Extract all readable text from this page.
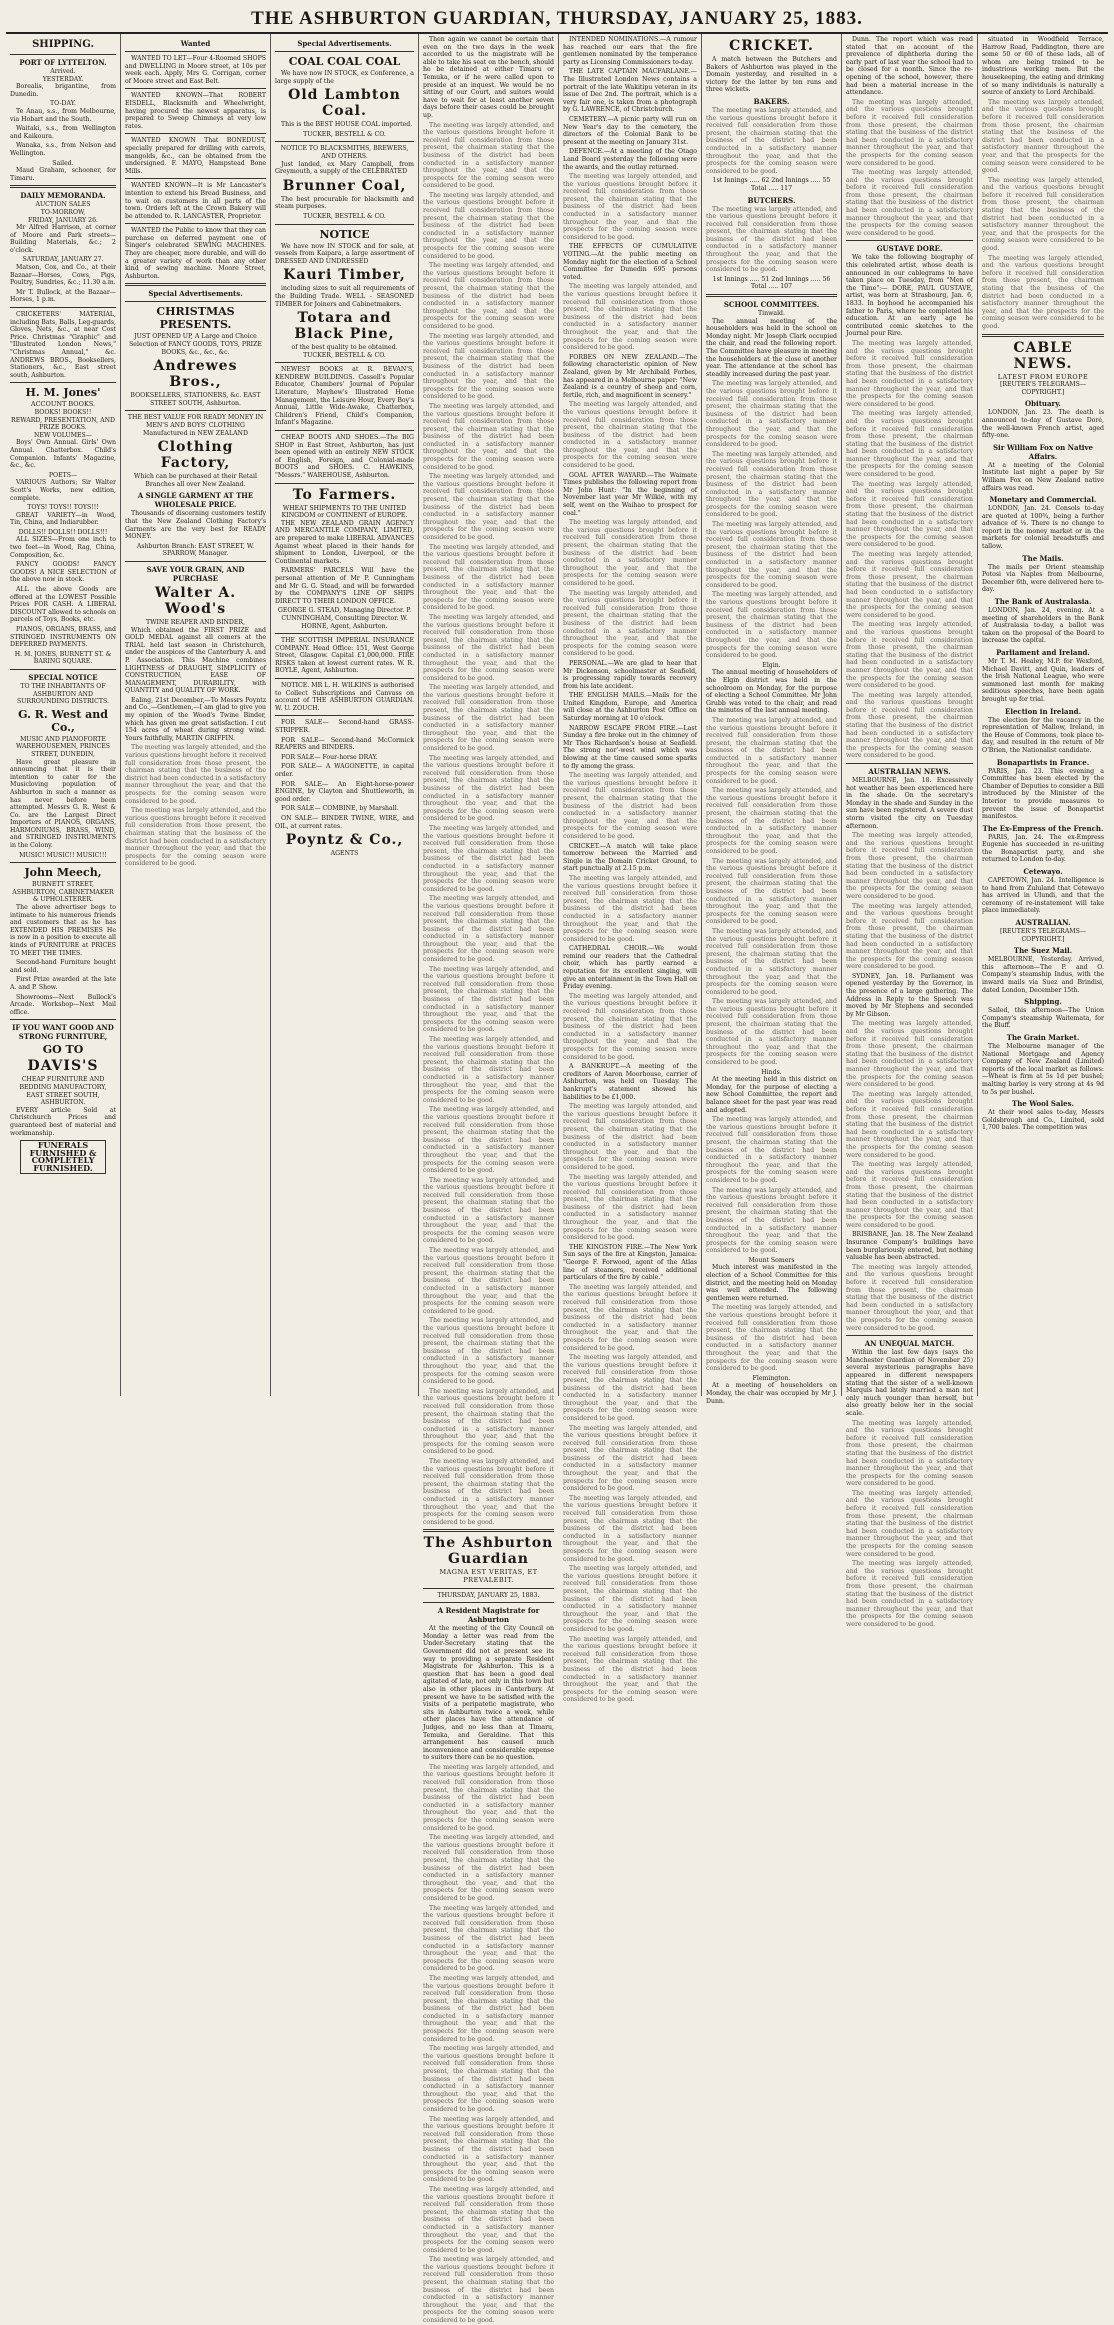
THE ASHBURTON GUARDIAN, THURSDAY, JANUARY 25, 1883.
SHIPPING.
PORT OF LYTTELTON.
Arrived.
YESTERDAY.
Borealis, brigantine, from Dunedin.
TO-DAY.
Te Anau, s.s., from Melbourne, via Hobart and the South.
Waitaki, s.s., from Wellington and Kaikoura.
Wanaka, s.s., from Nelson and Wellington.
Sailed.
Maud Graham, schooner, for Timaru.
DAILY MEMORANDA.
AUCTION SALES
TO-MORROW,
FRIDAY, JANUARY 26.
Mr Alfred Harrison, at corner of Moore and Park streets—Building Materials, &c.; 2 o'clock.
SATURDAY, JANUARY 27.
Matson, Cox, and Co., at their Bazaar—Horses, Cows, Pigs, Poultry, Sundries, &c.; 11.30 a.m.
Mr T. Bullock, at the Bazaar—Horses, 1 p.m.
CRICKETERS' MATERIAL, including Bats, Balls, Leg-guards, Gloves, Nets, &c., at near Cost Price. Christmas "Graphic" and "Illustrated London News," "Christmas Annual," &c. ANDREWS BROS., Booksellers, Stationers, &c., East street south, Ashburton.
H. M. Jones'
ACCOUNT BOOKS.
BOOKS! BOOKS!!
REWARD, PRESENTATION, AND PRIZE BOOKS.
NEW VOLUMES—
Boys' Own Annual. Girls' Own Annual. Chatterbox. Child's Companion. Infants' Magazine, &c., &c.
POETS—
VARIOUS Authors; Sir Walter Scott's Works, new edition, complete.
TOYS! TOYS!! TOYS!!!
GREAT VARIETY—in Wood, Tin, China, and Indiarubber.
DOLLS!! DOLLS!! DOLLS!!!
ALL SIZES—From one inch to two feet—in Wood, Rag, China, Composition, &c.
FANCY GOODS! FANCY GOODS! A NICE SELECTION of the above now in stock.
ALL the above Goods are offered at the LOWEST Possible Prices FOR CASH. A LIBERAL DISCOUNT allowed to schools on parcels of Toys, Books, etc.
PIANOS, ORGANS, BRASS, and STRINGED INSTRUMENTS ON DEFERRED PAYMENTS.
H. M. JONES, BURNETT ST. & BARING SQUARE.
SPECIAL NOTICE
TO THE INHABITANTS OF ASHBURTON AND SURROUNDING DISTRICTS.
G. R. West and Co.,
MUSIC AND PIANOFORTE WAREHOUSEMEN, PRINCES STREET, DUNEDIN,
Have great pleasure in announcing that it is their intention to cater for the Musicloving population of Ashburton in such a manner as has never before been attempted. Messrs G. R. West & Co. are the Largest Direct Importers of PIANOS, ORGANS, HARMONIUMS, BRASS, WIND, and STRINGED INSTRUMENTS in the Colony.
MUSIC! MUSIC!! MUSIC!!!
John Meech,
BURNETT STREET, ASHBURTON, CABINETMAKER & UPHOLSTERER.
The above advertiser begs to intimate to his numerous friends and customers that as he has EXTENDED HIS PREMISES He is now in a position to execute all kinds of FURNITURE at PRICES TO MEET THE TIMES.
Second-hand Furniture bought and sold.
First Prize awarded at the late A. and P. Show.
Showrooms—Next Bullock's Arcade. Workshop—Next Mail office.
IF YOU WANT GOOD AND STRONG FURNITURE,
GO TO
DAVIS'S
CHEAP FURNITURE AND BEDDING MANUFACTORY, EAST STREET SOUTH, ASHBURTON.
EVERY article Sold at Christchurch Prices and guaranteed best of material and workmanship.
FUNERALS FURNISHED & COMPLETELY FURNISHED.
Wanted
WANTED TO LET—Four 4-Roomed SHOPS and DWELLING in Moore street, at 10s per week each. Apply, Mrs G. Corrigan, corner of Moore street and East Belt.
WANTED KNOWN—That ROBERT EISDELL, Blacksmith and Wheelwright, having procured the newest apparatus, is prepared to Sweep Chimneys at very low rates.
WANTED KNOWN That BONEDUST, specially prepared for drilling with carrots, mangolds, &c., can be obtained from the undersigned. F. MAYO, Hampstead Bone Mills.
WANTED KNOWN—It is Mr Lancaster's intention to extend his Bread Business, and to wait on customers in all parts of the town. Orders left at the Crown Bakery will be attended to. R. LANCASTER, Proprietor.
WANTED the Public to know that they can purchase on deferred payment one of Singer's celebrated SEWING MACHINES. They are cheaper, more durable, and will do a greater variety of work than any other kind of sewing machine. Moore Street, Ashburton.
Special Advertisements.
CHRISTMAS PRESENTS.
JUST OPENED UP, A Large and Choice Selection of FANCY GOODS, TOYS, PRIZE BOOKS, &c., &c., &c.
Andrewes Bros.,
BOOKSELLERS, STATIONERS, &c. EAST STREET SOUTH, Ashburton.
THE BEST VALUE FOR READY MONEY IN MEN'S AND BOYS' CLOTHING
Manufactured in NEW ZEALAND
Clothing Factory,
Which can be purchased at their Retail Branches all over New Zealand.
A SINGLE GARMENT AT THE WHOLESALE PRICE.
Thousands of discerning customers testify that the New Zealand Clothing Factory's Garments are the very best for READY MONEY.
Ashburton Branch: EAST STREET, W. SPARROW, Manager.
SAVE YOUR GRAIN, AND PURCHASE
Walter A. Wood's
TWINE REAPER AND BINDER,
Which obtained the FIRST PRIZE and GOLD MEDAL against all comers at the TRIAL held last season in Christchurch, under the auspices of the Canterbury A. and P. Association. This Machine combines LIGHTNESS of DRAUGHT, SIMPLICITY of CONSTRUCTION, EASE OF MANAGEMENT, DURABILITY, with QUANTITY and QUALITY OF WORK.
Ealing, 21st December,—To Messrs Poyntz and Co.,—Gentlemen,—I am glad to give you my opinion of the Wood's Twine Binder, which has given me great satisfaction. I cut 154 acres of wheat during strong wind. Yours faithfully, MARTIN GRIFFIN.
The meeting was largely attended, and the various questions brought before it received full consideration from those present, the chairman stating that the business of the district had been conducted in a satisfactory manner throughout the year, and that the prospects for the coming season were considered to be good.
The meeting was largely attended, and the various questions brought before it received full consideration from those present, the chairman stating that the business of the district had been conducted in a satisfactory manner throughout the year, and that the prospects for the coming season were considered to be good.
Special Advertisements.
COAL COAL COAL
We have now IN STOCK, ex Conference, a large supply of the
Old Lambton Coal.
This is the BEST HOUSE COAL imported.
TUCKER, BESTELL & CO.
NOTICE TO BLACKSMITHS, BREWERS, AND OTHERS.
Just landed, ex Mary Campbell, from Greymouth, a supply of the CELEBRATED
Brunner Coal,
The best procurable for blacksmith and steam purposes.
TUCKER, BESTELL & CO.
NOTICE
We have now IN STOCK and for sale, at vessels from Kaipara, a large assortment of DRESSED AND UNDRESSED
Kauri Timber,
including sizes to suit all requirements of the Building Trade. WELL - SEASONED TIMBER for Joiners and Cabinetmakers.
Totara and Black Pine,
of the best quality to be obtained.
TUCKER, BESTELL & CO.
NEWEST BOOKS at R. BEVAN'S, KENDREW BUILDINGS. Cassell's Popular Educator, Chambers' Journal of Popular Literature, Mayhew's Illustrated Home Management, the Leisure Hour, Every Boy's Annual, Little Wide-Awake, Chatterbox, Children's Friend, Child's Companion, Infant's Magazine.
CHEAP BOOTS AND SHOES.—The BIG SHOP in East Street, Ashburton, has just been opened with an entirely NEW STOCK of English, Foreign, and Colonial-made BOOTS and SHOES. C. HAWKINS, "Messrs." WAREHOUSE, Ashburton.
To Farmers.
WHEAT SHIPMENTS TO THE UNITED KINGDOM or CONTINENT of EUROPE.
THE NEW ZEALAND GRAIN AGENCY AND MERCANTILE COMPANY, LIMITED, are prepared to make LIBERAL ADVANCES Against wheat placed in their hands for shipment to London, Liverpool, or the Continental markets.
FARMERS' PARCELS Will have the personal attention of Mr P. Cunningham and Mr G. G. Stead, and will be forwarded by the COMPANY'S LINE OF SHIPS DIRECT TO THEIR LONDON OFFICE.
GEORGE G. STEAD, Managing Director. P. CUNNINGHAM, Consulting Director. W. HORNE, Agent, Ashburton.
THE SCOTTISH IMPERIAL INSURANCE COMPANY. Head Office: 151, West George Street, Glasgow. Capital £1,000,000. FIRE RISKS taken at lowest current rates. W. R. BOYLE, Agent, Ashburton.
NOTICE. MR L. H. WILKINS is authorised to Collect Subscriptions and Canvass on account of THE ASHBURTON GUARDIAN. W. U. ZOUCH.
FOR SALE— Second-hand GRASS-STRIPPER.
FOR SALE— Second-hand McCormick REAPERS and BINDERS.
FOR SALE— Four-horse DRAY.
FOR SALE— A WAGONETTE, in capital order.
FOR SALE— An Eight-horse-power ENGINE, by Clayton and Shuttleworth, in good order.
FOR SALE— COMBINE, by Marshall.
ON SALE— BINDER TWINE, WIRE, and OIL, at current rates.
Poyntz & Co.,
AGENTS
Then again we cannot be certain that even on the two days in the week accorded to us the magistrate will be able to take his seat on the bench, should he be detained at either Timaru or Temuka, or if he were called upon to preside at an inquest. We would be no sitting of our Court, and suitors would have to wait for at least another seven days before their cases could be brought up.
The meeting was largely attended, and the various questions brought before it received full consideration from those present, the chairman stating that the business of the district had been conducted in a satisfactory manner throughout the year, and that the prospects for the coming season were considered to be good.
The meeting was largely attended, and the various questions brought before it received full consideration from those present, the chairman stating that the business of the district had been conducted in a satisfactory manner throughout the year, and that the prospects for the coming season were considered to be good.
The meeting was largely attended, and the various questions brought before it received full consideration from those present, the chairman stating that the business of the district had been conducted in a satisfactory manner throughout the year, and that the prospects for the coming season were considered to be good.
The meeting was largely attended, and the various questions brought before it received full consideration from those present, the chairman stating that the business of the district had been conducted in a satisfactory manner throughout the year, and that the prospects for the coming season were considered to be good.
The meeting was largely attended, and the various questions brought before it received full consideration from those present, the chairman stating that the business of the district had been conducted in a satisfactory manner throughout the year, and that the prospects for the coming season were considered to be good.
The meeting was largely attended, and the various questions brought before it received full consideration from those present, the chairman stating that the business of the district had been conducted in a satisfactory manner throughout the year, and that the prospects for the coming season were considered to be good.
The meeting was largely attended, and the various questions brought before it received full consideration from those present, the chairman stating that the business of the district had been conducted in a satisfactory manner throughout the year, and that the prospects for the coming season were considered to be good.
The meeting was largely attended, and the various questions brought before it received full consideration from those present, the chairman stating that the business of the district had been conducted in a satisfactory manner throughout the year, and that the prospects for the coming season were considered to be good.
The meeting was largely attended, and the various questions brought before it received full consideration from those present, the chairman stating that the business of the district had been conducted in a satisfactory manner throughout the year, and that the prospects for the coming season were considered to be good.
The meeting was largely attended, and the various questions brought before it received full consideration from those present, the chairman stating that the business of the district had been conducted in a satisfactory manner throughout the year, and that the prospects for the coming season were considered to be good.
The meeting was largely attended, and the various questions brought before it received full consideration from those present, the chairman stating that the business of the district had been conducted in a satisfactory manner throughout the year, and that the prospects for the coming season were considered to be good.
The meeting was largely attended, and the various questions brought before it received full consideration from those present, the chairman stating that the business of the district had been conducted in a satisfactory manner throughout the year, and that the prospects for the coming season were considered to be good.
The meeting was largely attended, and the various questions brought before it received full consideration from those present, the chairman stating that the business of the district had been conducted in a satisfactory manner throughout the year, and that the prospects for the coming season were considered to be good.
The meeting was largely attended, and the various questions brought before it received full consideration from those present, the chairman stating that the business of the district had been conducted in a satisfactory manner throughout the year, and that the prospects for the coming season were considered to be good.
The meeting was largely attended, and the various questions brought before it received full consideration from those present, the chairman stating that the business of the district had been conducted in a satisfactory manner throughout the year, and that the prospects for the coming season were considered to be good.
The meeting was largely attended, and the various questions brought before it received full consideration from those present, the chairman stating that the business of the district had been conducted in a satisfactory manner throughout the year, and that the prospects for the coming season were considered to be good.
The meeting was largely attended, and the various questions brought before it received full consideration from those present, the chairman stating that the business of the district had been conducted in a satisfactory manner throughout the year, and that the prospects for the coming season were considered to be good.
The meeting was largely attended, and the various questions brought before it received full consideration from those present, the chairman stating that the business of the district had been conducted in a satisfactory manner throughout the year, and that the prospects for the coming season were considered to be good.
The meeting was largely attended, and the various questions brought before it received full consideration from those present, the chairman stating that the business of the district had been conducted in a satisfactory manner throughout the year, and that the prospects for the coming season were considered to be good.
The meeting was largely attended, and the various questions brought before it received full consideration from those present, the chairman stating that the business of the district had been conducted in a satisfactory manner throughout the year, and that the prospects for the coming season were considered to be good.
The Ashburton Guardian
MAGNA EST VERITAS, ET PREVALEBIT.
THURSDAY, JANUARY 25, 1883.
A Resident Magistrate for Ashburton
At the meeting of the City Council on Monday a letter was read from the Under-Secretary stating that the Government did not at present see its way to providing a separate Resident Magistrate for Ashburton. This is a question that has been a good deal agitated of late, not only in this town but also in other places in Canterbury. At present we have to be satisfied with the visits of a peripatetic magistrate, who sits in Ashburton twice a week, while other places have the attendance of Judges, and no less than at Timaru, Temuka, and Geraldine. That this arrangement has caused much inconvenience and considerable expense to suitors there can be no question.
The meeting was largely attended, and the various questions brought before it received full consideration from those present, the chairman stating that the business of the district had been conducted in a satisfactory manner throughout the year, and that the prospects for the coming season were considered to be good.
The meeting was largely attended, and the various questions brought before it received full consideration from those present, the chairman stating that the business of the district had been conducted in a satisfactory manner throughout the year, and that the prospects for the coming season were considered to be good.
The meeting was largely attended, and the various questions brought before it received full consideration from those present, the chairman stating that the business of the district had been conducted in a satisfactory manner throughout the year, and that the prospects for the coming season were considered to be good.
The meeting was largely attended, and the various questions brought before it received full consideration from those present, the chairman stating that the business of the district had been conducted in a satisfactory manner throughout the year, and that the prospects for the coming season were considered to be good.
The meeting was largely attended, and the various questions brought before it received full consideration from those present, the chairman stating that the business of the district had been conducted in a satisfactory manner throughout the year, and that the prospects for the coming season were considered to be good.
The meeting was largely attended, and the various questions brought before it received full consideration from those present, the chairman stating that the business of the district had been conducted in a satisfactory manner throughout the year, and that the prospects for the coming season were considered to be good.
The meeting was largely attended, and the various questions brought before it received full consideration from those present, the chairman stating that the business of the district had been conducted in a satisfactory manner throughout the year, and that the prospects for the coming season were considered to be good.
The meeting was largely attended, and the various questions brought before it received full consideration from those present, the chairman stating that the business of the district had been conducted in a satisfactory manner throughout the year, and that the prospects for the coming season were considered to be good.
INTENDED NOMINATIONS.—A rumour has reached our ears that the fire gentlemen nominated by the temperance party as Licensing Commissioners to-day.
THE LATE CAPTAIN MACFARLANE.—The Illustrated London News contains a portrait of the late Wakitipu veteran in its issue of Dec 2nd. The portrait, which is a very fair one, is taken from a photograph by G. LAWRENCE, of Christchurch.
CEMETERY.—A picnic party will run on New Year's day to the cemetery, the directors of the Colonial Bank to be present at the meeting on January 31st.
DEFENCE.—At a meeting of the Otago Land Board yesterday the following were the awards, and the outlay returned.
The meeting was largely attended, and the various questions brought before it received full consideration from those present, the chairman stating that the business of the district had been conducted in a satisfactory manner throughout the year, and that the prospects for the coming season were considered to be good.
THE EFFECTS OF CUMULATIVE VOTING.—At the public meeting on Monday night for the election of a School Committee for Dunedin 695 persons voted.
The meeting was largely attended, and the various questions brought before it received full consideration from those present, the chairman stating that the business of the district had been conducted in a satisfactory manner throughout the year, and that the prospects for the coming season were considered to be good.
FORBES ON NEW ZEALAND.—The following characteristic opinion of New Zealand, given by Mr Archibald Forbes, has appeared in a Melbourne paper: "New Zealand is a country of sheep and corn, fertile, rich, and magnificent in scenery."
The meeting was largely attended, and the various questions brought before it received full consideration from those present, the chairman stating that the business of the district had been conducted in a satisfactory manner throughout the year, and that the prospects for the coming season were considered to be good.
GOAL AFTER WAYARD.—The Waimate Times publishes the following report from Mr John Hunt: "In the beginning of November last year Mr Wilkie, with my self, went on the Waihao to prospect for coal."
The meeting was largely attended, and the various questions brought before it received full consideration from those present, the chairman stating that the business of the district had been conducted in a satisfactory manner throughout the year, and that the prospects for the coming season were considered to be good.
The meeting was largely attended, and the various questions brought before it received full consideration from those present, the chairman stating that the business of the district had been conducted in a satisfactory manner throughout the year, and that the prospects for the coming season were considered to be good.
PERSONAL.—We are glad to hear that Mr Dickenson, schoolmaster at Seafield, is progressing rapidly towards recovery from his late accident.
THE ENGLISH MAILS.—Mails for the United Kingdom, Europe, and America will close at the Ashburton Post Office on Saturday morning at 10 o'clock.
NARROW ESCAPE FROM FIRE.—Last Sunday a fire broke out in the chimney of Mr Thos Richardson's house at Seafield. The strong nor'-west wind which was blowing at the time caused some sparks to fly among the grass.
The meeting was largely attended, and the various questions brought before it received full consideration from those present, the chairman stating that the business of the district had been conducted in a satisfactory manner throughout the year, and that the prospects for the coming season were considered to be good.
CRICKET.—A match will take place tomorrow between the Married and Single in the Domain Cricket Ground, to start punctually at 2.15 p.m.
The meeting was largely attended, and the various questions brought before it received full consideration from those present, the chairman stating that the business of the district had been conducted in a satisfactory manner throughout the year, and that the prospects for the coming season were considered to be good.
CATHEDRAL CHOIR.—We would remind our readers that the Cathedral choir, which has partly earned a reputation for its excellent singing, will give an entertainment in the Town Hall on Friday evening.
The meeting was largely attended, and the various questions brought before it received full consideration from those present, the chairman stating that the business of the district had been conducted in a satisfactory manner throughout the year, and that the prospects for the coming season were considered to be good.
A BANKRUPT.—A meeting of the creditors of Aaron Moorhouse, carrier of Ashburton, was held on Tuesday. The bankrupt's statement showed his liabilities to be £1,000.
The meeting was largely attended, and the various questions brought before it received full consideration from those present, the chairman stating that the business of the district had been conducted in a satisfactory manner throughout the year, and that the prospects for the coming season were considered to be good.
The meeting was largely attended, and the various questions brought before it received full consideration from those present, the chairman stating that the business of the district had been conducted in a satisfactory manner throughout the year, and that the prospects for the coming season were considered to be good.
THE KINGSTON FIRE.—The New York Sun says of the fire at Kingston, Jamaica: "George F. Forwood, agent of the Atlas line of steamers, received additional particulars of the fire by cable."
The meeting was largely attended, and the various questions brought before it received full consideration from those present, the chairman stating that the business of the district had been conducted in a satisfactory manner throughout the year, and that the prospects for the coming season were considered to be good.
The meeting was largely attended, and the various questions brought before it received full consideration from those present, the chairman stating that the business of the district had been conducted in a satisfactory manner throughout the year, and that the prospects for the coming season were considered to be good.
The meeting was largely attended, and the various questions brought before it received full consideration from those present, the chairman stating that the business of the district had been conducted in a satisfactory manner throughout the year, and that the prospects for the coming season were considered to be good.
The meeting was largely attended, and the various questions brought before it received full consideration from those present, the chairman stating that the business of the district had been conducted in a satisfactory manner throughout the year, and that the prospects for the coming season were considered to be good.
The meeting was largely attended, and the various questions brought before it received full consideration from those present, the chairman stating that the business of the district had been conducted in a satisfactory manner throughout the year, and that the prospects for the coming season were considered to be good.
The meeting was largely attended, and the various questions brought before it received full consideration from those present, the chairman stating that the business of the district had been conducted in a satisfactory manner throughout the year, and that the prospects for the coming season were considered to be good.
CRICKET.
A match between the Butchers and Bakers of Ashburton was played in the Domain yesterday, and resulted in a victory for the latter by ten runs and three wickets.
BAKERS.
The meeting was largely attended, and the various questions brought before it received full consideration from those present, the chairman stating that the business of the district had been conducted in a satisfactory manner throughout the year, and that the prospects for the coming season were considered to be good.
1st Innings ..... 62 2nd Innings ..... 55 Total ..... 117
BUTCHERS.
The meeting was largely attended, and the various questions brought before it received full consideration from those present, the chairman stating that the business of the district had been conducted in a satisfactory manner throughout the year, and that the prospects for the coming season were considered to be good.
1st Innings ..... 51 2nd Innings ..... 56 Total ..... 107
SCHOOL COMMITTEES.
Tinwald.
The annual meeting of the householders was held in the school on Monday night. Mr Joseph Clark occupied the chair, and read the following report. The Committee have pleasure in meeting the householders at the close of another year. The attendance at the school has steadily increased during the past year.
The meeting was largely attended, and the various questions brought before it received full consideration from those present, the chairman stating that the business of the district had been conducted in a satisfactory manner throughout the year, and that the prospects for the coming season were considered to be good.
The meeting was largely attended, and the various questions brought before it received full consideration from those present, the chairman stating that the business of the district had been conducted in a satisfactory manner throughout the year, and that the prospects for the coming season were considered to be good.
The meeting was largely attended, and the various questions brought before it received full consideration from those present, the chairman stating that the business of the district had been conducted in a satisfactory manner throughout the year, and that the prospects for the coming season were considered to be good.
The meeting was largely attended, and the various questions brought before it received full consideration from those present, the chairman stating that the business of the district had been conducted in a satisfactory manner throughout the year, and that the prospects for the coming season were considered to be good.
Elgin.
The annual meeting of householders of the Elgin district was held in the schoolroom on Monday, for the purpose of electing a School Committee. Mr John Grubb was voted to the chair, and read the minutes of the last annual meeting.
The meeting was largely attended, and the various questions brought before it received full consideration from those present, the chairman stating that the business of the district had been conducted in a satisfactory manner throughout the year, and that the prospects for the coming season were considered to be good.
The meeting was largely attended, and the various questions brought before it received full consideration from those present, the chairman stating that the business of the district had been conducted in a satisfactory manner throughout the year, and that the prospects for the coming season were considered to be good.
The meeting was largely attended, and the various questions brought before it received full consideration from those present, the chairman stating that the business of the district had been conducted in a satisfactory manner throughout the year, and that the prospects for the coming season were considered to be good.
The meeting was largely attended, and the various questions brought before it received full consideration from those present, the chairman stating that the business of the district had been conducted in a satisfactory manner throughout the year, and that the prospects for the coming season were considered to be good.
The meeting was largely attended, and the various questions brought before it received full consideration from those present, the chairman stating that the business of the district had been conducted in a satisfactory manner throughout the year, and that the prospects for the coming season were considered to be good.
Hinds.
At the meeting held in this district on Monday, for the purpose of electing a new School Committee, the report and balance sheet for the past year was read and adopted.
The meeting was largely attended, and the various questions brought before it received full consideration from those present, the chairman stating that the business of the district had been conducted in a satisfactory manner throughout the year, and that the prospects for the coming season were considered to be good.
The meeting was largely attended, and the various questions brought before it received full consideration from those present, the chairman stating that the business of the district had been conducted in a satisfactory manner throughout the year, and that the prospects for the coming season were considered to be good.
Mount Somers
Much interest was manifested in the election of a School Committee for this district, and the meeting held on Monday was well attended. The following gentlemen were returned.
The meeting was largely attended, and the various questions brought before it received full consideration from those present, the chairman stating that the business of the district had been conducted in a satisfactory manner throughout the year, and that the prospects for the coming season were considered to be good.
Flemington.
At a meeting of householders on Monday, the chair was occupied by Mr J. Dunn.
Dunn. The report which was read stated that on account of the prevalence of diphtheria during the early part of last year the school had to be closed for a month. Since the re-opening of the school, however, there had been a material increase in the attendance.
The meeting was largely attended, and the various questions brought before it received full consideration from those present, the chairman stating that the business of the district had been conducted in a satisfactory manner throughout the year, and that the prospects for the coming season were considered to be good.
The meeting was largely attended, and the various questions brought before it received full consideration from those present, the chairman stating that the business of the district had been conducted in a satisfactory manner throughout the year, and that the prospects for the coming season were considered to be good.
GUSTAVE DORE.
We take the following biography of this celebrated artist, whose death is announced in our cablegrams to have taken place on Tuesday, from "Men of the Time":— DORE, PAUL GUSTAVE, artist, was born at Strasbourg, Jan. 6, 1833. In boyhood he accompanied his father to Paris, where he completed his education. At an early age he contributed comic sketches to the Journal pour Rire.
The meeting was largely attended, and the various questions brought before it received full consideration from those present, the chairman stating that the business of the district had been conducted in a satisfactory manner throughout the year, and that the prospects for the coming season were considered to be good.
The meeting was largely attended, and the various questions brought before it received full consideration from those present, the chairman stating that the business of the district had been conducted in a satisfactory manner throughout the year, and that the prospects for the coming season were considered to be good.
The meeting was largely attended, and the various questions brought before it received full consideration from those present, the chairman stating that the business of the district had been conducted in a satisfactory manner throughout the year, and that the prospects for the coming season were considered to be good.
The meeting was largely attended, and the various questions brought before it received full consideration from those present, the chairman stating that the business of the district had been conducted in a satisfactory manner throughout the year, and that the prospects for the coming season were considered to be good.
The meeting was largely attended, and the various questions brought before it received full consideration from those present, the chairman stating that the business of the district had been conducted in a satisfactory manner throughout the year, and that the prospects for the coming season were considered to be good.
The meeting was largely attended, and the various questions brought before it received full consideration from those present, the chairman stating that the business of the district had been conducted in a satisfactory manner throughout the year, and that the prospects for the coming season were considered to be good.
AUSTRALIAN NEWS.
MELBOURNE, Jan. 18. Excessively hot weather has been experienced here in the shade. On the secretary's Monday in the shade and Sunday in the sun have been registered. A severe dust storm visited the city on Tuesday afternoon.
The meeting was largely attended, and the various questions brought before it received full consideration from those present, the chairman stating that the business of the district had been conducted in a satisfactory manner throughout the year, and that the prospects for the coming season were considered to be good.
The meeting was largely attended, and the various questions brought before it received full consideration from those present, the chairman stating that the business of the district had been conducted in a satisfactory manner throughout the year, and that the prospects for the coming season were considered to be good.
SYDNEY, Jan. 18. Parliament was opened yesterday by the Governor, in the presence of a large gathering. The Address in Reply to the Speech was moved by Mr Stephens and seconded by Mr Gibson.
The meeting was largely attended, and the various questions brought before it received full consideration from those present, the chairman stating that the business of the district had been conducted in a satisfactory manner throughout the year, and that the prospects for the coming season were considered to be good.
The meeting was largely attended, and the various questions brought before it received full consideration from those present, the chairman stating that the business of the district had been conducted in a satisfactory manner throughout the year, and that the prospects for the coming season were considered to be good.
The meeting was largely attended, and the various questions brought before it received full consideration from those present, the chairman stating that the business of the district had been conducted in a satisfactory manner throughout the year, and that the prospects for the coming season were considered to be good.
BRISBANE, Jan. 18. The New Zealand Insurance Company's buildings have been burglariously entered, but nothing valuable has been abstracted.
The meeting was largely attended, and the various questions brought before it received full consideration from those present, the chairman stating that the business of the district had been conducted in a satisfactory manner throughout the year, and that the prospects for the coming season were considered to be good.
AN UNEQUAL MATCH.
Within the last few days (says the Manchester Guardian of November 25) several mysterious paragraphs have appeared in different newspapers stating that the sister of a well-known Marquis had lately married a man not only much younger than herself, but also greatly below her in the social scale.
The meeting was largely attended, and the various questions brought before it received full consideration from those present, the chairman stating that the business of the district had been conducted in a satisfactory manner throughout the year, and that the prospects for the coming season were considered to be good.
The meeting was largely attended, and the various questions brought before it received full consideration from those present, the chairman stating that the business of the district had been conducted in a satisfactory manner throughout the year, and that the prospects for the coming season were considered to be good.
The meeting was largely attended, and the various questions brought before it received full consideration from those present, the chairman stating that the business of the district had been conducted in a satisfactory manner throughout the year, and that the prospects for the coming season were considered to be good.
situated in Woodfield Terrace, Harrow Road, Paddington, there are some 50 or 60 of these lads, all of whom are being trained to be industrious working men. But the housekeeping, the eating and drinking of so many individuals is naturally a source of anxiety to Lord Archibald.
The meeting was largely attended, and the various questions brought before it received full consideration from those present, the chairman stating that the business of the district had been conducted in a satisfactory manner throughout the year, and that the prospects for the coming season were considered to be good.
The meeting was largely attended, and the various questions brought before it received full consideration from those present, the chairman stating that the business of the district had been conducted in a satisfactory manner throughout the year, and that the prospects for the coming season were considered to be good.
The meeting was largely attended, and the various questions brought before it received full consideration from those present, the chairman stating that the business of the district had been conducted in a satisfactory manner throughout the year, and that the prospects for the coming season were considered to be good.
CABLE NEWS.
LATEST FROM EUROPE
[REUTER'S TELEGRAMS—COPYRIGHT.]
Obituary.
LONDON, Jan. 23. The death is announced to-day of Gustave Doré, the well-known French artist, aged fifty-one.
Sir William Fox on Native Affairs.
At a meeting of the Colonial Institute last night a paper by Sir William Fox on New Zealand native affairs was read.
Monetary and Commercial.
LONDON, Jan. 24. Consols to-day are quoted at 100¾, being a further advance of ⅛. There is no change to report in the money market or in the markets for colonial breadstuffs and tallow.
The Mails.
The mails per Orient steamship Potosi via Naples from Melbourne, December 6th, were delivered here to-day.
The Bank of Australasia.
LONDON, Jan. 24, evening. At a meeting of shareholders in the Bank of Australasia to-day, a ballot was taken on the proposal of the Board to increase the capital.
Parliament and Ireland.
Mr T. M. Healey, M.P. for Wexford, Michael Davitt, and Quin, leaders of the Irish National League, who were summoned last month for making seditious speeches, have been again brought up for trial.
Election in Ireland.
The election for the vacancy in the representation of Mallow, Ireland, in the House of Commons, took place to-day, and resulted in the return of Mr O'Brien, the Nationalist candidate.
Bonapartists in France.
PARIS, Jan. 23. This evening a Committee has been elected by the Chamber of Deputies to consider a Bill introduced by the Minister of the Interior to provide measures to prevent the issue of Bonapartist manifestos.
The Ex-Empress of the French.
PARIS, Jan. 24. The ex-Empress Eugenie has succeeded in re-uniting the Bonapartist party, and she returned to London to-day.
Cetewayo.
CAPETOWN, Jan. 24. Intelligence is to hand from Zululand that Cetewayo has arrived in Ulundi, and that the ceremony of re-instatement will take place immediately.
AUSTRALIAN.
[REUTER'S TELEGRAMS—COPYRIGHT.]
The Suez Mail.
MELBOURNE, Yesterday. Arrived, this afternoon—The P. and O. Company's steamship Indus, with the inward mails via Suez and Brindisi, dated London, December 15th.
Shipping.
Sailed, this afternoon—The Union Company's steamship Waitemata, for the Bluff.
The Grain Market.
The Melbourne manager of the National Mortgage and Agency Company of New Zealand (Limited) reports of the local market as follows:—Wheat is firm at 5s 1d per bushel; malting barley is very strong at 4s 9d to 5s per bushel.
The Wool Sales.
At their wool sales to-day, Messrs Goldsbrough and Co., Limited, sold 1,700 bales. The competition was
